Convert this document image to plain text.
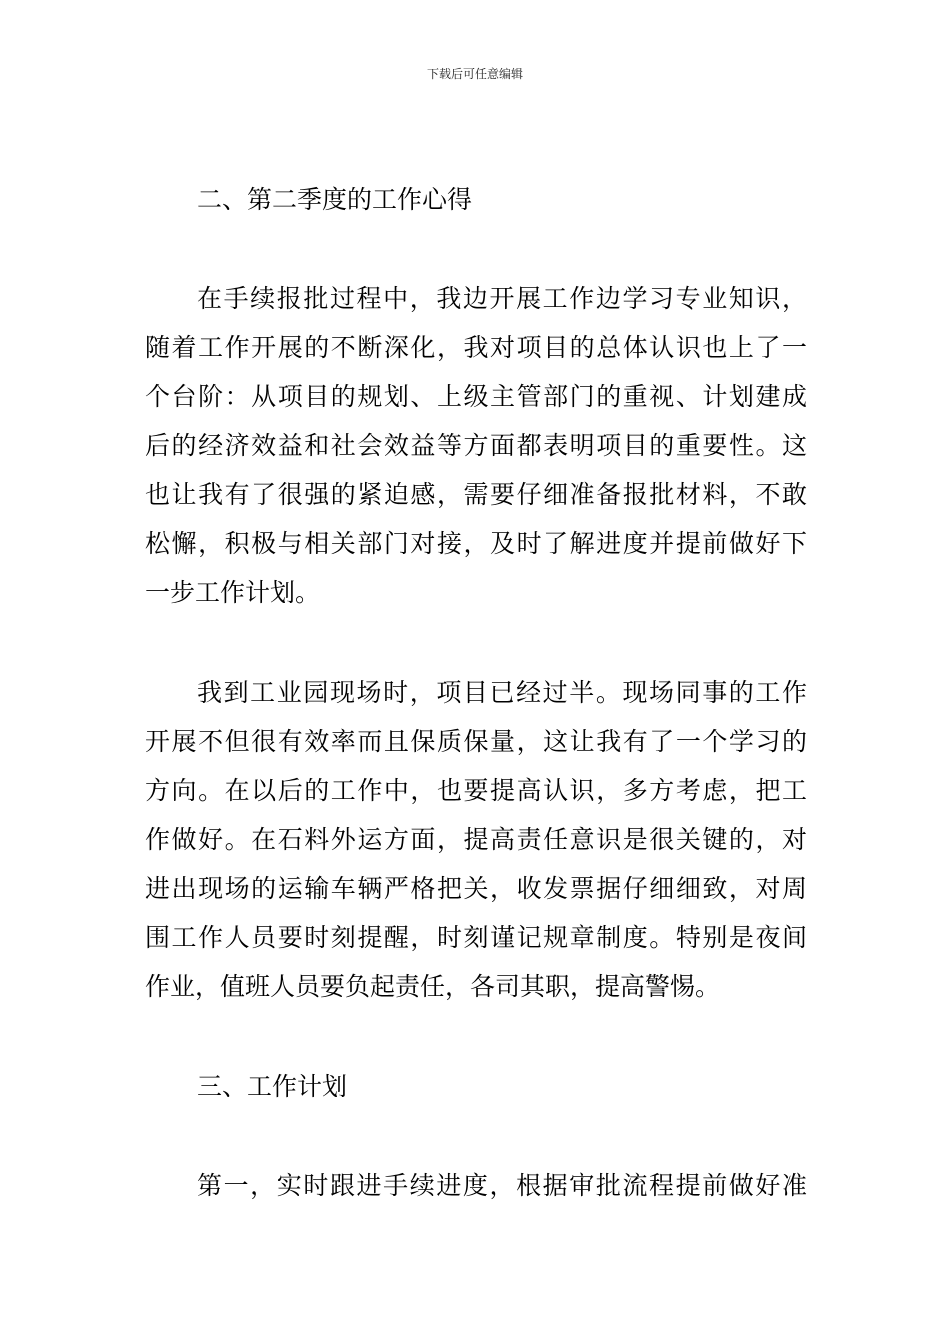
下载后可任意编辑
二、第二季度的工作心得

在手续报批过程中，我边开展工作边学习专业知识，
随着工作开展的不断深化，我对项目的总体认识也上了一
个台阶：从项目的规划、上级主管部门的重视、计划建成
后的经济效益和社会效益等方面都表明项目的重要性。这
也让我有了很强的紧迫感，需要仔细准备报批材料，不敢
松懈，积极与相关部门对接，及时了解进度并提前做好下
一步工作计划。

我到工业园现场时，项目已经过半。现场同事的工作
开展不但很有效率而且保质保量，这让我有了一个学习的
方向。在以后的工作中，也要提高认识，多方考虑，把工
作做好。在石料外运方面，提高责任意识是很关键的，对
进出现场的运输车辆严格把关，收发票据仔细细致，对周
围工作人员要时刻提醒，时刻谨记规章制度。特别是夜间
作业，值班人员要负起责任，各司其职，提高警惕。

三、工作计划

第一，实时跟进手续进度，根据审批流程提前做好准
